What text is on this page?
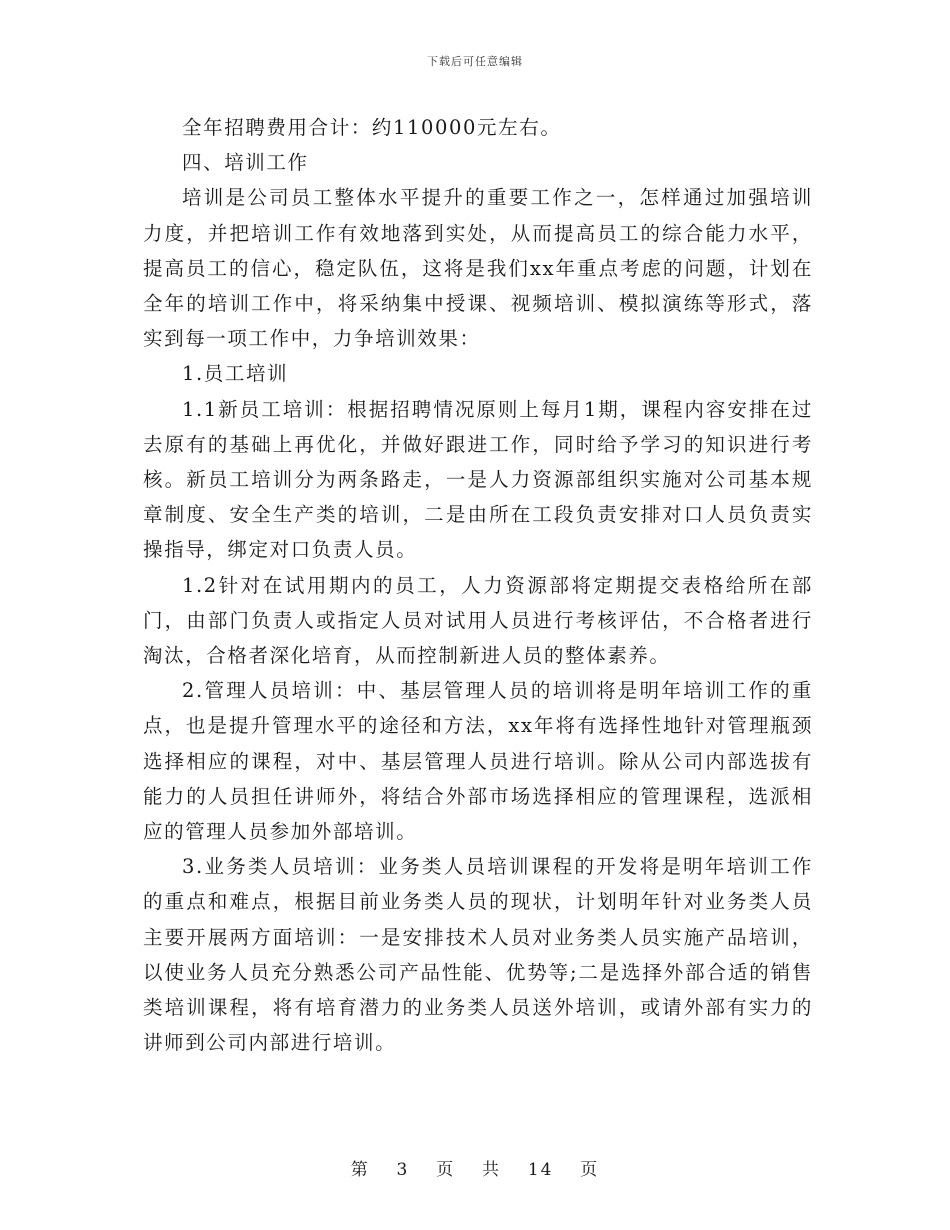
下载后可任意编辑

全年招聘费用合计：约110000元左右。

四、培训工作

培训是公司员工整体水平提升的重要工作之一，怎样通过加强培训力度，并把培训工作有效地落到实处，从而提高员工的综合能力水平，提高员工的信心，稳定队伍，这将是我们xx年重点考虑的问题，计划在全年的培训工作中，将采纳集中授课、视频培训、模拟演练等形式，落实到每一项工作中，力争培训效果：

1.员工培训

1.1新员工培训：根据招聘情况原则上每月1期，课程内容安排在过去原有的基础上再优化，并做好跟进工作，同时给予学习的知识进行考核。新员工培训分为两条路走，一是人力资源部组织实施对公司基本规章制度、安全生产类的培训，二是由所在工段负责安排对口人员负责实操指导，绑定对口负责人员。

1.2针对在试用期内的员工，人力资源部将定期提交表格给所在部门，由部门负责人或指定人员对试用人员进行考核评估，不合格者进行淘汰，合格者深化培育，从而控制新进人员的整体素养。

2.管理人员培训：中、基层管理人员的培训将是明年培训工作的重点，也是提升管理水平的途径和方法，xx年将有选择性地针对管理瓶颈选择相应的课程，对中、基层管理人员进行培训。除从公司内部选拔有能力的人员担任讲师外，将结合外部市场选择相应的管理课程，选派相应的管理人员参加外部培训。

3.业务类人员培训：业务类人员培训课程的开发将是明年培训工作的重点和难点，根据目前业务类人员的现状，计划明年针对业务类人员主要开展两方面培训：一是安排技术人员对业务类人员实施产品培训，以使业务人员充分熟悉公司产品性能、优势等;二是选择外部合适的销售类培训课程，将有培育潜力的业务类人员送外培训，或请外部有实力的讲师到公司内部进行培训。

第 3 页 共 14 页
